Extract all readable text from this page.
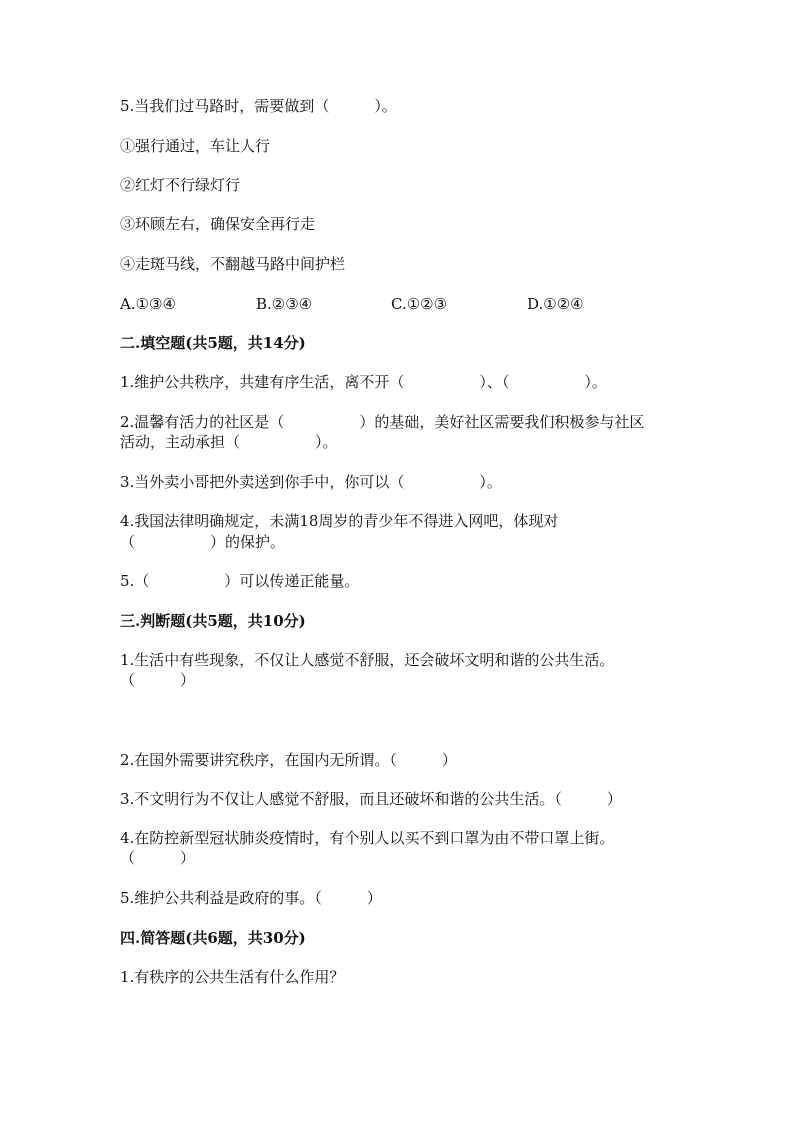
5.当我们过马路时，需要做到（　　　）。
①强行通过，车让人行
②红灯不行绿灯行
③环顾左右，确保安全再行走
④走斑马线，不翻越马路中间护栏
A.①③④	B.②③④	C.①②③	D.①②④
二.填空题(共5题，共14分)
1.维护公共秩序，共建有序生活，离不开（　　　　　）、（　　　　　）。
2.温馨有活力的社区是（　　　　　）的基础，美好社区需要我们积极参与社区
活动，主动承担（　　　　　）。
3.当外卖小哥把外卖送到你手中，你可以（　　　　　）。
4.我国法律明确规定，未满18周岁的青少年不得进入网吧，体现对
（　　　　　）的保护。
5.（　　　　　）可以传递正能量。
三.判断题(共5题，共10分)
1.生活中有些现象，不仅让人感觉不舒服，还会破坏文明和谐的公共生活。
（　　　）
2.在国外需要讲究秩序，在国内无所谓。（　　　）
3.不文明行为不仅让人感觉不舒服，而且还破坏和谐的公共生活。（　　　）
4.在防控新型冠状肺炎疫情时，有个别人以买不到口罩为由不带口罩上街。
（　　　）
5.维护公共利益是政府的事。（　　　）
四.简答题(共6题，共30分)
1.有秩序的公共生活有什么作用？
